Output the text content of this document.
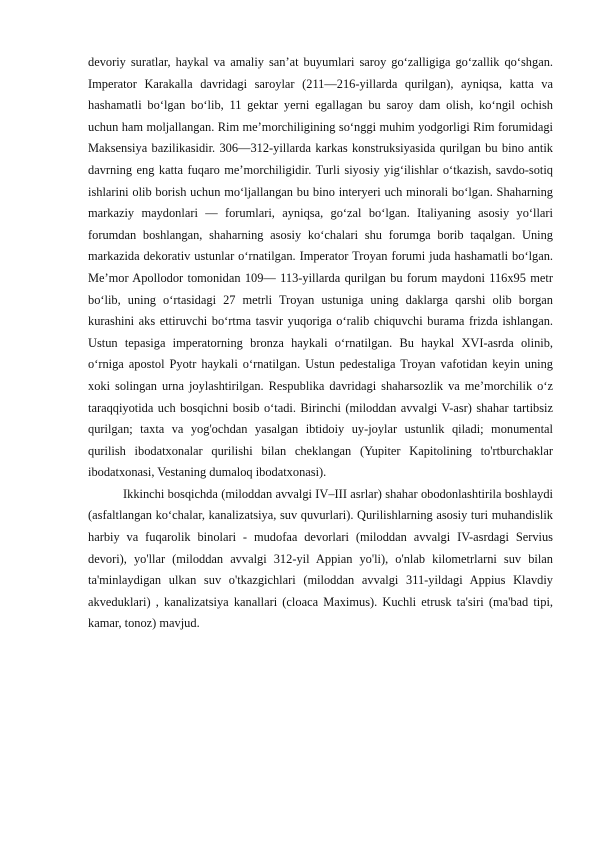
devoriy suratlar, haykal va amaliy san’at buyumlari saroy go‘zalligiga go‘zallik qo‘shgan. Imperator Karakalla davridagi saroylar (211—216-yillarda qurilgan), ayniqsa, katta va hashamatli bo‘lgan bo‘lib, 11 gektar yerni egallagan bu saroy dam olish, ko‘ngil ochish uchun ham moljallangan. Rim me’morchiligining so‘nggi muhim yodgorligi Rim forumidagi Maksensiya bazilikasidir. 306—312-yillarda karkas konstruksiyasida qurilgan bu bino antik davrning eng katta fuqaro me’morchiligidir. Turli siyosiy yig‘ilishlar o‘tkazish, savdo-sotiq ishlarini olib borish uchun mo‘ljallangan bu bino interyeri uch minorali bo‘lgan. Shaharning markaziy maydonlari — forumlari, ayniqsa, go‘zal bo‘lgan. Italiyaning asosiy yo‘llari forumdan boshlangan, shaharning asosiy ko‘chalari shu forumga borib taqalgan. Uning markazida dekorativ ustunlar o‘rnatilgan. Imperator Troyan forumi juda hashamatli bo‘lgan. Me’mor Apollodor tomonidan 109— 113-yillarda qurilgan bu forum maydoni 116x95 metr bo‘lib, uning o‘rtasidagi 27 metrli Troyan ustuniga uning daklarga qarshi olib borgan kurashini aks ettiruvchi bo‘rtma tasvir yuqoriga o‘ralib chiquvchi burama frizda ishlangan. Ustun tepasiga imperatorning bronza haykali o‘rnatilgan. Bu haykal XVI-asrda olinib, o‘rniga apostol Pyotr haykali o‘rnatilgan. Ustun pedestaliga Troyan vafotidan keyin uning xoki solingan urna joylashtirilgan. Respublika davridagi shaharsozlik va me’morchilik o‘z taraqqiyotida uch bosqichni bosib o‘tadi. Birinchi (miloddan avvalgi V-asr) shahar tartibsiz qurilgan; taxta va yog'ochdan yasalgan ibtidoiy uy-joylar ustunlik qiladi; monumental qurilish ibodatxonalar qurilishi bilan cheklangan (Yupiter Kapitolining to'rtburchaklar ibodatxonasi, Vestaning dumaloq ibodatxonasi).

Ikkinchi bosqichda (miloddan avvalgi IV–III asrlar) shahar obodonlashtirila boshlaydi (asfaltlangan ko‘chalar, kanalizatsiya, suv quvurlari). Qurilishlarning asosiy turi muhandislik harbiy va fuqarolik binolari - mudofaa devorlari (miloddan avvalgi IV-asrdagi Servius devori), yo'llar (miloddan avvalgi 312-yil Appian yo'li), o'nlab kilometrlarni suv bilan ta'minlaydigan ulkan suv o'tkazgichlari (miloddan avvalgi 311-yildagi Appius Klavdiy akveduklari) , kanalizatsiya kanallari (cloaca Maximus). Kuchli etrusk ta'siri (ma'bad tipi, kamar, tonoz) mavjud.
